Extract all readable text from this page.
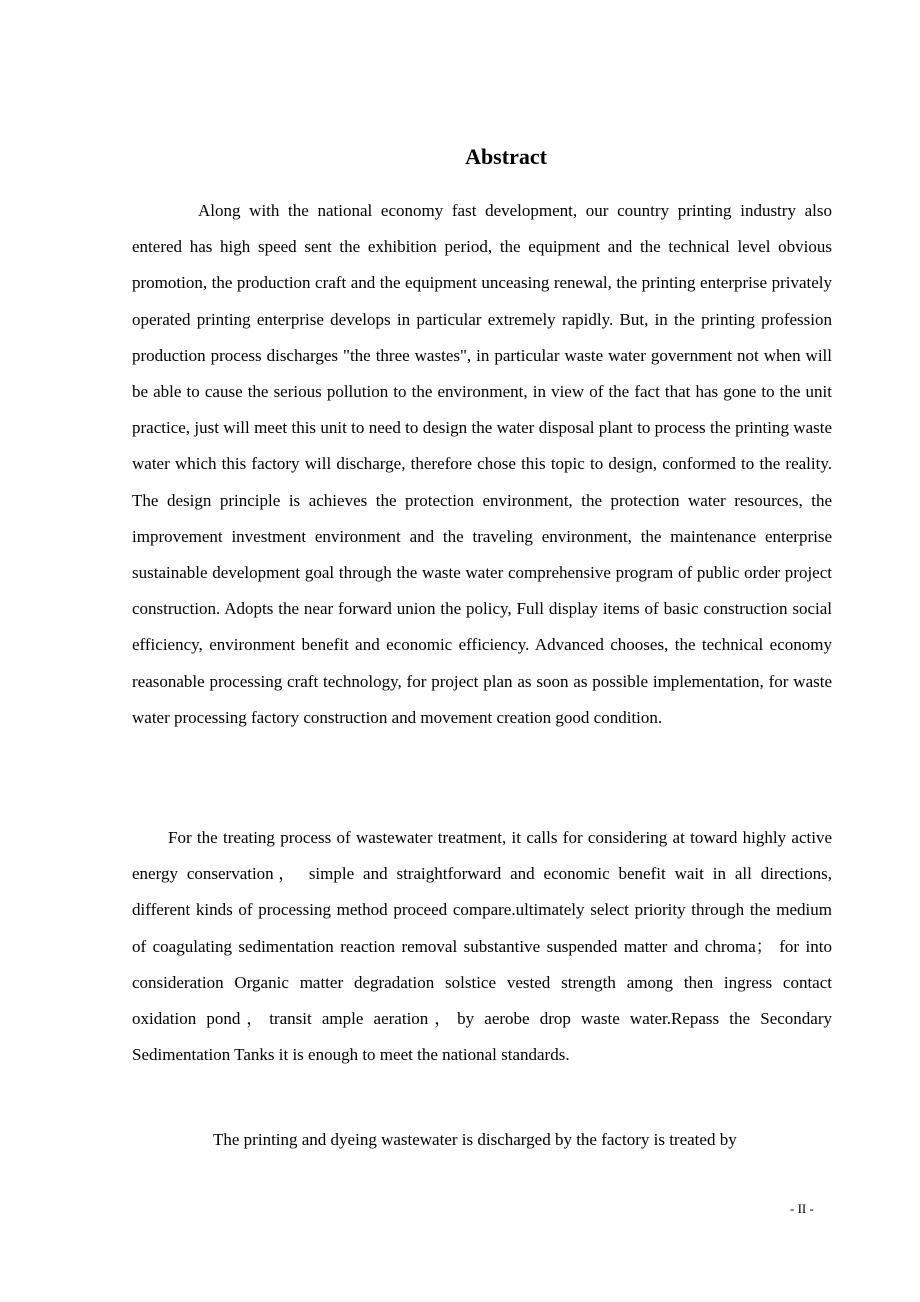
Abstract

Along with the national economy fast development, our country printing industry also entered has high speed sent the exhibition period, the equipment and the technical level obvious promotion, the production craft and the equipment unceasing renewal, the printing enterprise privately operated printing enterprise develops in particular extremely rapidly. But, in the printing profession production process discharges "the three wastes", in particular waste water government not when will be able to cause the serious pollution to the environment, in view of the fact that has gone to the unit practice, just will meet this unit to need to design the water disposal plant to process the printing waste water which this factory will discharge, therefore chose this topic to design, conformed to the reality. The design principle is achieves the protection environment, the protection water resources, the improvement investment environment and the traveling environment, the maintenance enterprise sustainable development goal through the waste water comprehensive program of public order project construction. Adopts the near forward union the policy, Full display items of basic construction social efficiency, environment benefit and economic efficiency. Advanced chooses, the technical economy reasonable processing craft technology, for project plan as soon as possible implementation, for waste water processing factory construction and movement creation good condition.

For the treating process of wastewater treatment, it calls for considering at toward highly active energy conservation， simple and straightforward and economic benefit wait in all directions, different kinds of processing method proceed compare.ultimately select priority through the medium of coagulating sedimentation reaction removal substantive suspended matter and chroma； for into consideration Organic matter degradation solstice vested strength among then ingress contact oxidation pond，transit ample aeration，by aerobe drop waste water.Repass the Secondary Sedimentation Tanks it is enough to meet the national standards.

The printing and dyeing wastewater is discharged by the factory is treated by

- II -
